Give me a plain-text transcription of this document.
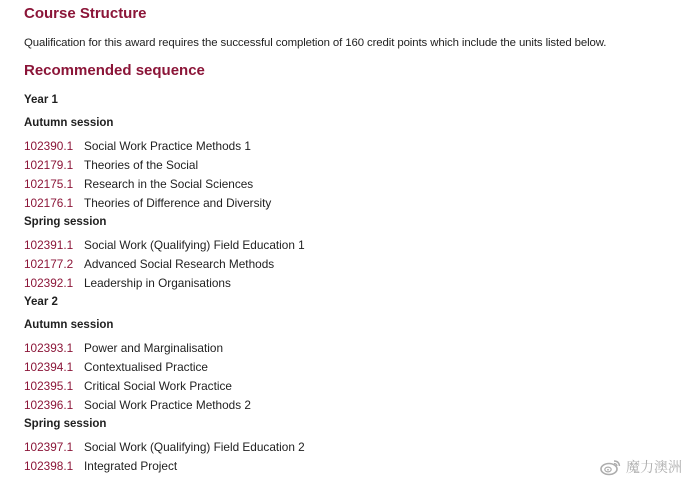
Course Structure

Qualification for this award requires the successful completion of 160 credit points which include the units listed below.

Recommended sequence
Year 1
Autumn session
102390.1 Social Work Practice Methods 1
102179.1 Theories of the Social
102175.1 Research in the Social Sciences
102176.1 Theories of Difference and Diversity
Spring session
102391.1 Social Work (Qualifying) Field Education 1
102177.2 Advanced Social Research Methods
102392.1 Leadership in Organisations
Year 2
Autumn session
102393.1 Power and Marginalisation
102394.1 Contextualised Practice
102395.1 Critical Social Work Practice
102396.1 Social Work Practice Methods 2
Spring session
102397.1 Social Work (Qualifying) Field Education 2
102398.1 Integrated Project	魔力澳洲
